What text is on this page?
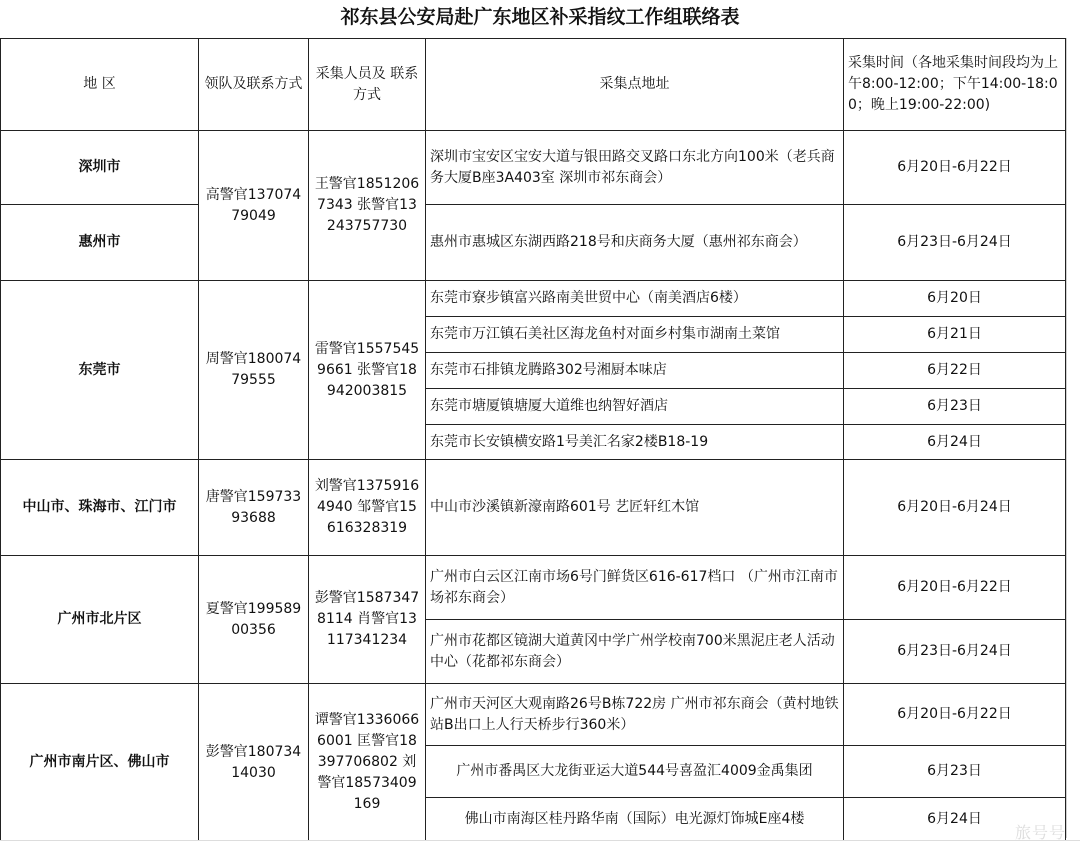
祁东县公安局赴广东地区补采指纹工作组联络表
地 区	领队及联系方式	采集人员及 联系方式	采集点地址	采集时间（各地采集时间段均为上午8:00-12:00；下午14:00-18:00；晚上19:00-22:00)
深圳市	高警官13707479049	王警官18512067343 张警官13243757730	深圳市宝安区宝安大道与银田路交叉路口东北方向100米（老兵商务大厦B座3A403室 深圳市祁东商会）	6月20日-6月22日
惠州市			惠州市惠城区东湖西路218号和庆商务大厦（惠州祁东商会）	6月23日-6月24日
东莞市	周警官18007479555	雷警官15575459661 张警官18942003815	东莞市寮步镇富兴路南美世贸中心（南美酒店6楼）	6月20日
			东莞市万江镇石美社区海龙鱼村对面乡村集市湖南土菜馆	6月21日
			东莞市石排镇龙腾路302号湘厨本味店	6月22日
			东莞市塘厦镇塘厦大道维也纳智好酒店	6月23日
			东莞市长安镇横安路1号美汇名家2楼B18-19	6月24日
中山市、珠海市、江门市	唐警官15973393688	刘警官13759164940 邹警官15616328319	中山市沙溪镇新濠南路601号 艺匠轩红木馆	6月20日-6月24日
广州市北片区	夏警官19958900356	彭警官15873478114 肖警官13117341234	广州市白云区江南市场6号门鲜货区616-617档口 （广州市江南市场祁东商会）	6月20日-6月22日
			广州市花都区镜湖大道黄冈中学广州学校南700米黑泥庄老人活动中心（花都祁东商会）	6月23日-6月24日
广州市南片区、佛山市	彭警官18073414030	谭警官13360666001 匡警官18397706802 刘警官18573409169	广州市天河区大观南路26号B栋722房 广州市祁东商会（黄村地铁站B出口上人行天桥步行360米）	6月20日-6月22日
			广州市番禺区大龙街亚运大道544号喜盈汇4009金禹集团	6月23日
			佛山市南海区桂丹路华南（国际）电光源灯饰城E座4楼	6月24日
旅号号
